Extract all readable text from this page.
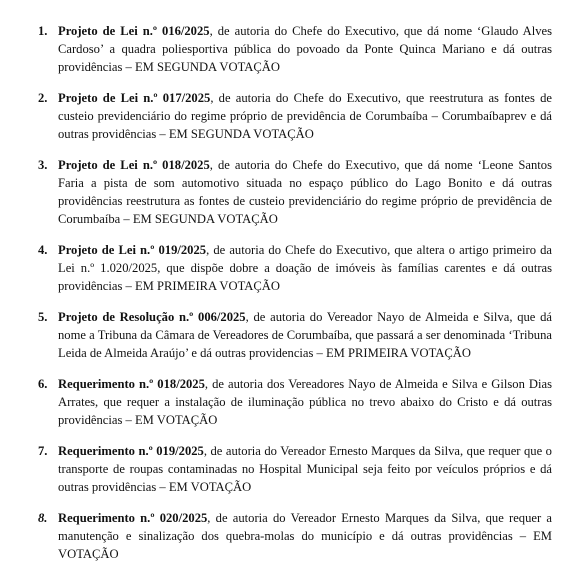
1. Projeto de Lei n.º 016/2025, de autoria do Chefe do Executivo, que dá nome ‘Glaudo Alves Cardoso’ a quadra poliesportiva pública do povoado da Ponte Quinca Mariano e dá outras providências – EM SEGUNDA VOTAÇÃO
2. Projeto de Lei n.º 017/2025, de autoria do Chefe do Executivo, que reestrutura as fontes de custeio previdenciário do regime próprio de previdência de Corumbaíba – Corumbaíbaprev e dá outras providências – EM SEGUNDA VOTAÇÃO
3. Projeto de Lei n.º 018/2025, de autoria do Chefe do Executivo, que dá nome ‘Leone Santos Faria a pista de som automotivo situada no espaço público do Lago Bonito e dá outras providências reestrutura as fontes de custeio previdenciário do regime próprio de previdência de Corumbaíba – EM SEGUNDA VOTAÇÃO
4. Projeto de Lei n.º 019/2025, de autoria do Chefe do Executivo, que altera o artigo primeiro da Lei n.º 1.020/2025, que dispõe dobre a doação de imóveis às famílias carentes e dá outras providências – EM PRIMEIRA VOTAÇÃO
5. Projeto de Resolução n.º 006/2025, de autoria do Vereador Nayo de Almeida e Silva, que dá nome a Tribuna da Câmara de Vereadores de Corumbaíba, que passará a ser denominada ‘Tribuna Leida de Almeida Araújo’ e dá outras providencias – EM PRIMEIRA VOTAÇÃO
6. Requerimento n.º 018/2025, de autoria dos Vereadores Nayo de Almeida e Silva e Gilson Dias Arrates, que requer a instalação de iluminação pública no trevo abaixo do Cristo e dá outras providências – EM VOTAÇÃO
7. Requerimento n.º 019/2025, de autoria do Vereador Ernesto Marques da Silva, que requer que o transporte de roupas contaminadas no Hospital Municipal seja feito por veículos próprios e dá outras providências – EM VOTAÇÃO
8. Requerimento n.º 020/2025, de autoria do Vereador Ernesto Marques da Silva, que requer a manutenção e sinalização dos quebra-molas do município e dá outras providências – EM VOTAÇÃO
